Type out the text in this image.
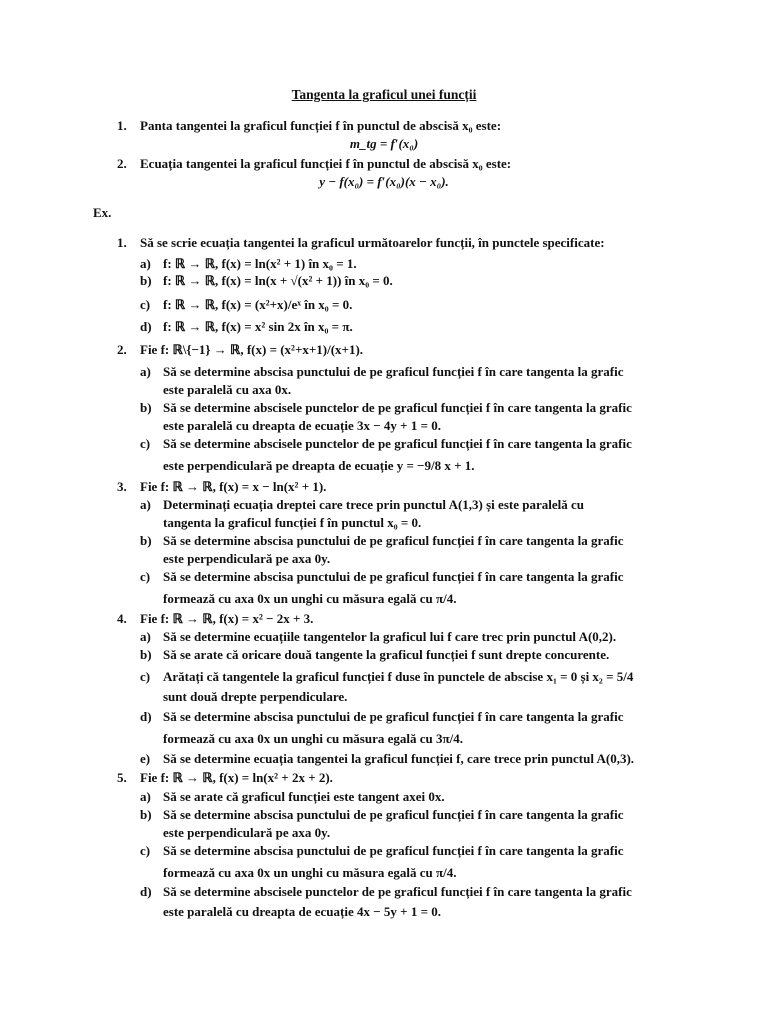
Tangenta la graficul unei funcții
1. Panta tangentei la graficul funcției f în punctul de abscisă x₀ este:
m_tg = f′(x₀)
2. Ecuația tangentei la graficul funcției f în punctul de abscisă x₀ este:
y − f(x₀) = f′(x₀)(x − x₀).
Ex.
1. Să se scrie ecuația tangentei la graficul următoarelor funcții, în punctele specificate:
a) f: ℝ → ℝ, f(x) = ln(x² + 1) în x₀ = 1.
b) f: ℝ → ℝ, f(x) = ln(x + √(x² + 1)) în x₀ = 0.
c) f: ℝ → ℝ, f(x) = (x²+x)/eˣ în x₀ = 0.
d) f: ℝ → ℝ, f(x) = x² sin 2x în x₀ = π.
2. Fie f: ℝ\{−1} → ℝ, f(x) = (x²+x+1)/(x+1).
a) Să se determine abscisa punctului de pe graficul funcției f în care tangenta la grafic
este paralelă cu axa 0x.
b) Să se determine abscisele punctelor de pe graficul funcției f în care tangenta la grafic
este paralelă cu dreapta de ecuație 3x − 4y + 1 = 0.
c) Să se determine abscisele punctelor de pe graficul funcției f în care tangenta la grafic
este perpendiculară pe dreapta de ecuație y = −9/8 x + 1.
3. Fie f: ℝ → ℝ, f(x) = x − ln(x² + 1).
a) Determinați ecuația dreptei care trece prin punctul A(1,3) și este paralelă cu
tangenta la graficul funcției f în punctul x₀ = 0.
b) Să se determine abscisa punctului de pe graficul funcției f în care tangenta la grafic
este perpendiculară pe axa 0y.
c) Să se determine abscisa punctului de pe graficul funcției f în care tangenta la grafic
formează cu axa 0x un unghi cu măsura egală cu π/4.
4. Fie f: ℝ → ℝ, f(x) = x² − 2x + 3.
a) Să se determine ecuațiile tangentelor la graficul lui f care trec prin punctul A(0,2).
b) Să se arate că oricare două tangente la graficul funcției f sunt drepte concurente.
c) Arătați că tangentele la graficul funcției f duse în punctele de abscise x₁ = 0 și x₂ = 5/4
sunt două drepte perpendiculare.
d) Să se determine abscisa punctului de pe graficul funcției f în care tangenta la grafic
formează cu axa 0x un unghi cu măsura egală cu 3π/4.
e) Să se determine ecuația tangentei la graficul funcției f, care trece prin punctul A(0,3).
5. Fie f: ℝ → ℝ, f(x) = ln(x² + 2x + 2).
a) Să se arate că graficul funcției este tangent axei 0x.
b) Să se determine abscisa punctului de pe graficul funcției f în care tangenta la grafic
este perpendiculară pe axa 0y.
c) Să se determine abscisa punctului de pe graficul funcției f în care tangenta la grafic
formează cu axa 0x un unghi cu măsura egală cu π/4.
d) Să se determine abscisele punctelor de pe graficul funcției f în care tangenta la grafic
este paralelă cu dreapta de ecuație 4x − 5y + 1 = 0.
